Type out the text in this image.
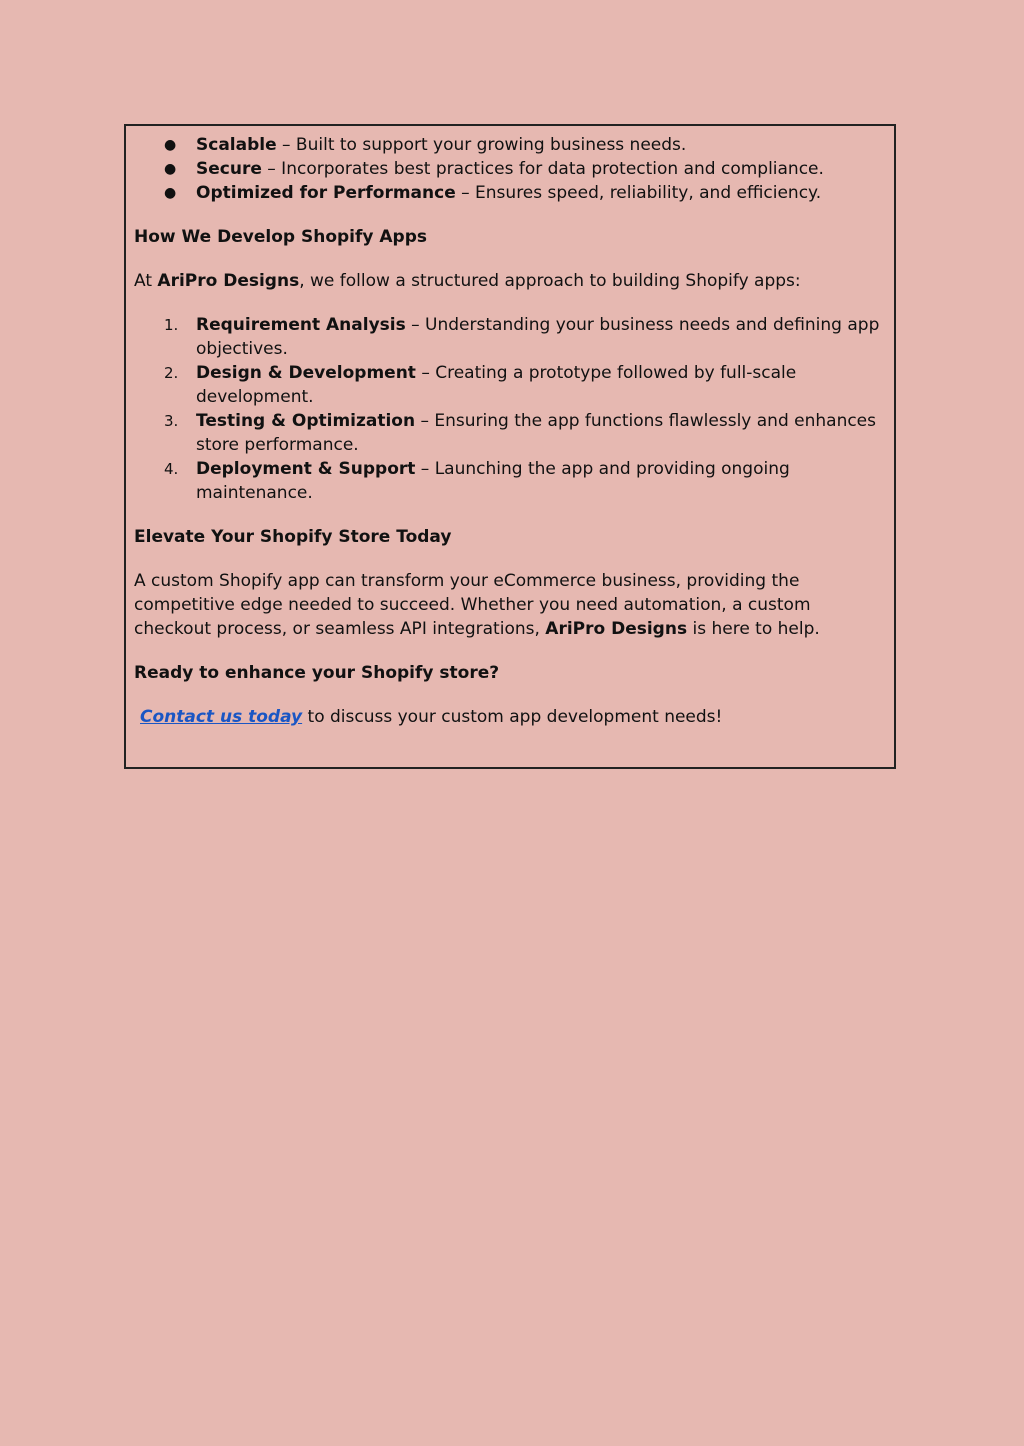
● Scalable – Built to support your growing business needs.
● Secure – Incorporates best practices for data protection and compliance.
● Optimized for Performance – Ensures speed, reliability, and efficiency.

How We Develop Shopify Apps

At AriPro Designs, we follow a structured approach to building Shopify apps:

1. Requirement Analysis – Understanding your business needs and defining app objectives.
2. Design & Development – Creating a prototype followed by full-scale development.
3. Testing & Optimization – Ensuring the app functions flawlessly and enhances store performance.
4. Deployment & Support – Launching the app and providing ongoing maintenance.

Elevate Your Shopify Store Today

A custom Shopify app can transform your eCommerce business, providing the competitive edge needed to succeed. Whether you need automation, a custom checkout process, or seamless API integrations, AriPro Designs is here to help.

Ready to enhance your Shopify store?

Contact us today to discuss your custom app development needs!
